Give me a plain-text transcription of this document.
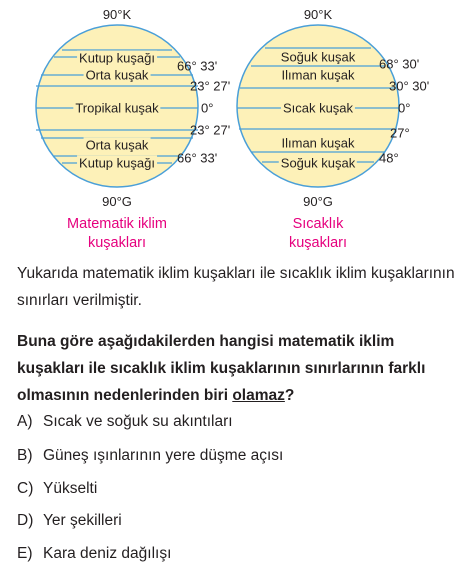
90°K
Kutup kuşağı
Orta kuşak
Tropikal kuşak
Orta kuşak
Kutup kuşağı
66° 33'
23° 27'
0°
23° 27'
66° 33'
90°G
Matematik iklim
kuşakları
90°K
Soğuk kuşak
Ilıman kuşak
Sıcak kuşak
Ilıman kuşak
Soğuk kuşak
68° 30'
30° 30'
0°
27°
48°
90°G
Sıcaklık
kuşakları
Yukarıda matematik iklim kuşakları ile sıcaklık iklim kuşaklarının sınırları verilmiştir.
Buna göre aşağıdakilerden hangisi matematik iklim kuşakları ile sıcaklık iklim kuşaklarının sınırlarının farklı olmasının nedenlerinden biri olamaz?
A) Sıcak ve soğuk su akıntıları
B) Güneş ışınlarının yere düşme açısı
C) Yükselti
D) Yer şekilleri
E) Kara deniz dağılışı
